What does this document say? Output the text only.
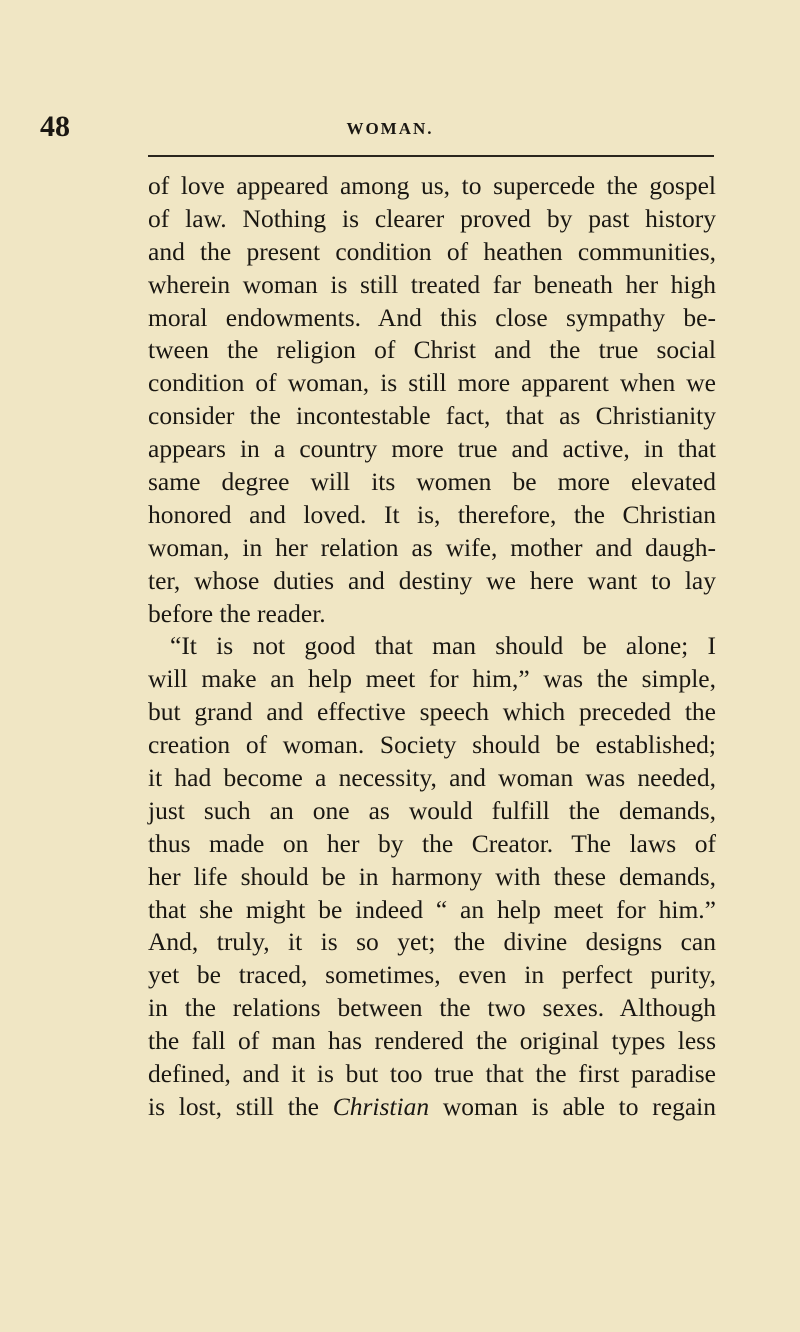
48	WOMAN.
of love appeared among us, to supercede the gospel
of law. Nothing is clearer proved by past history
and the present condition of heathen communities,
wherein woman is still treated far beneath her high
moral endowments. And this close sympathy be-
tween the religion of Christ and the true social
condition of woman, is still more apparent when we
consider the incontestable fact, that as Christianity
appears in a country more true and active, in that
same degree will its women be more elevated
honored and loved. It is, therefore, the Christian
woman, in her relation as wife, mother and daugh-
ter, whose duties and destiny we here want to lay
before the reader.
“It is not good that man should be alone; I
will make an help meet for him,” was the simple,
but grand and effective speech which preceded the
creation of woman. Society should be established;
it had become a necessity, and woman was needed,
just such an one as would fulfill the demands,
thus made on her by the Creator. The laws of
her life should be in harmony with these demands,
that she might be indeed “ an help meet for him.”
And, truly, it is so yet; the divine designs can
yet be traced, sometimes, even in perfect purity,
in the relations between the two sexes. Although
the fall of man has rendered the original types less
defined, and it is but too true that the first paradise
is lost, still the Christian woman is able to regain
